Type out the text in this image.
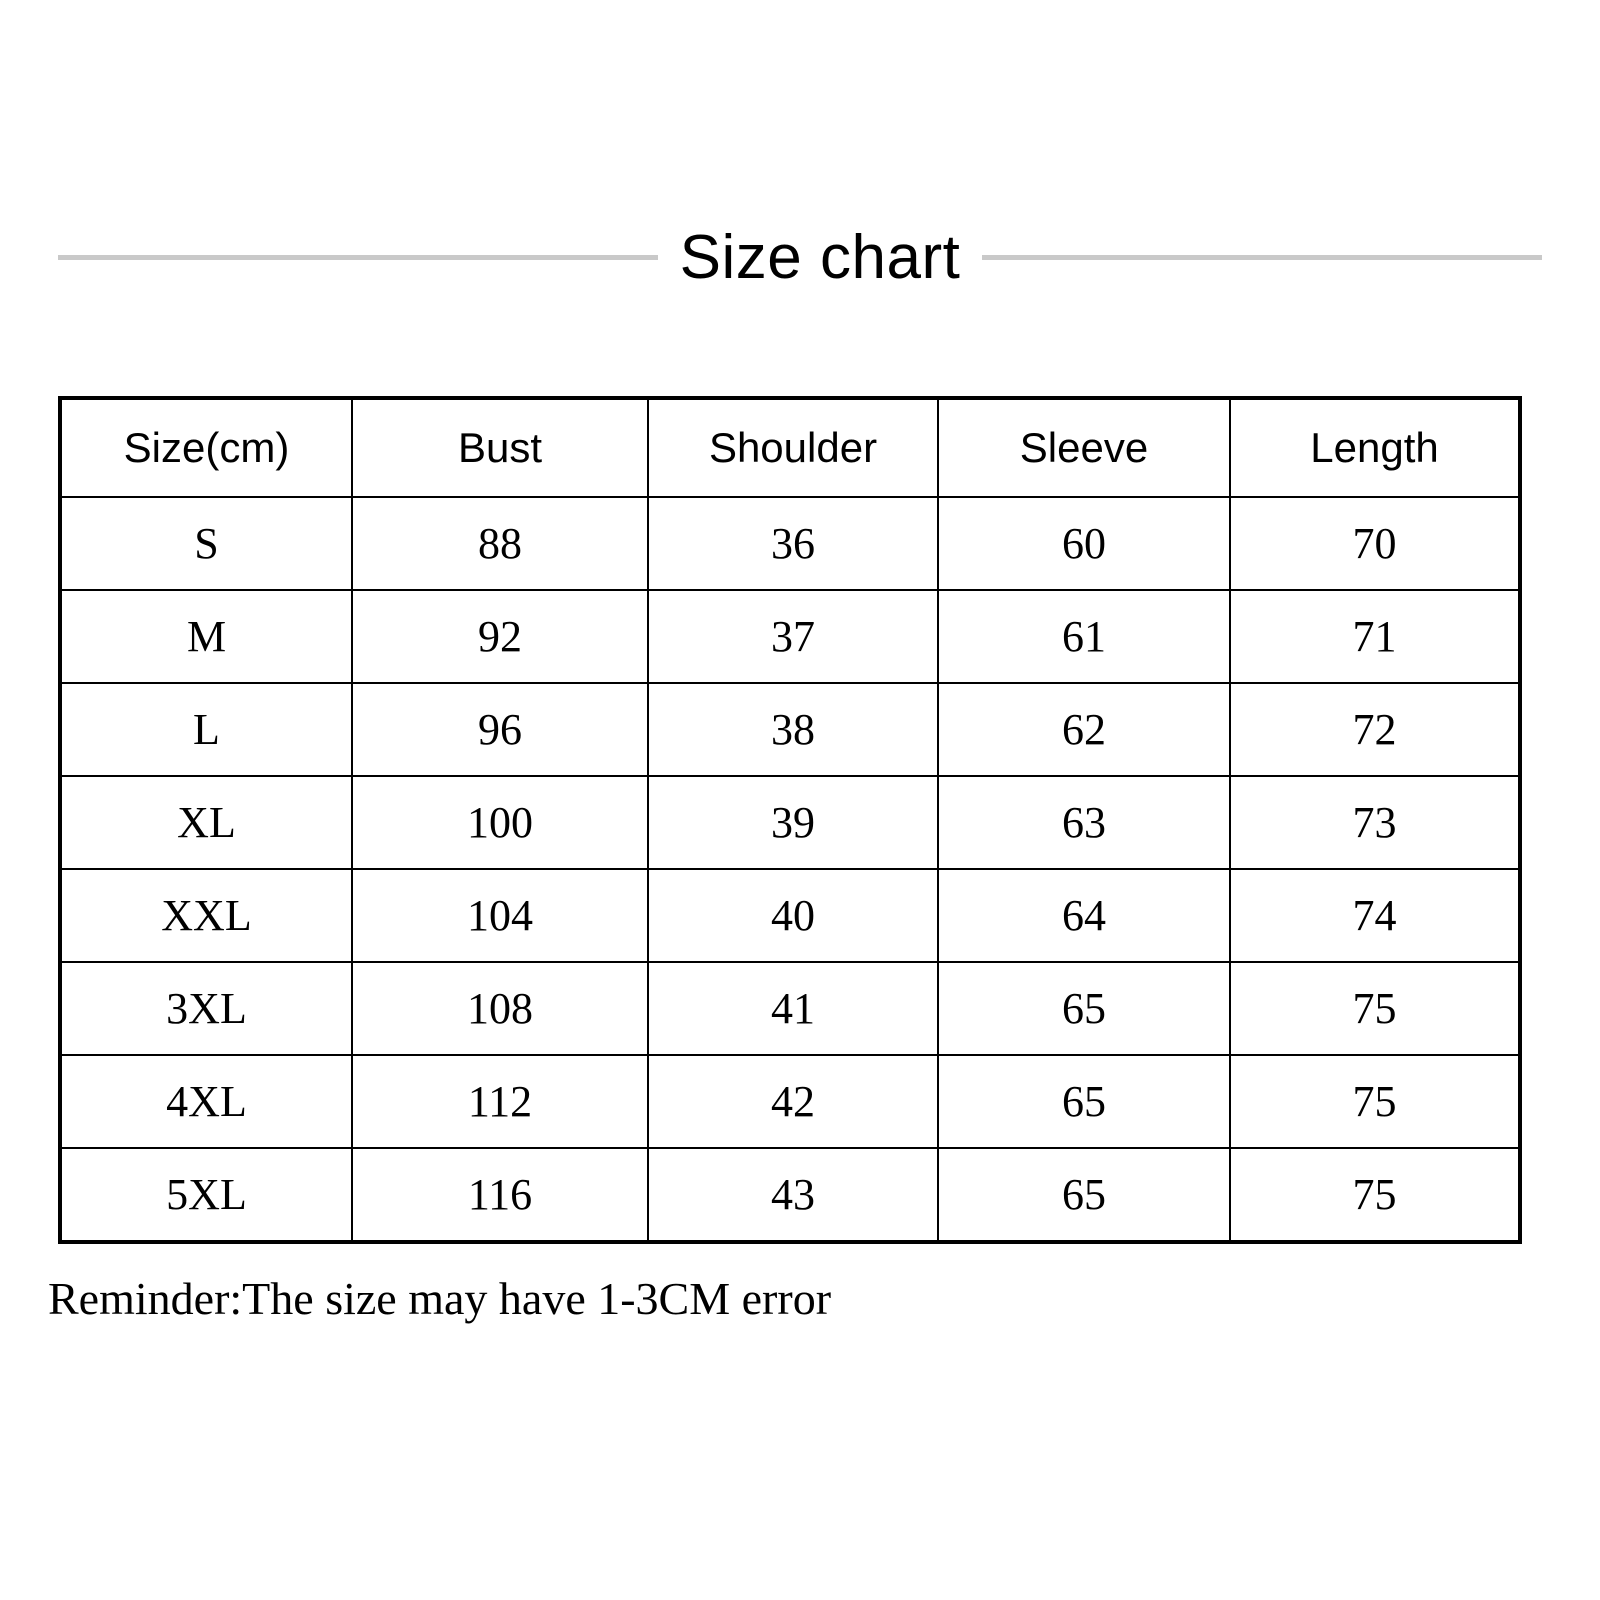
Size chart
Size(cm)	Bust	Shoulder	Sleeve	Length
S	88	36	60	70
M	92	37	61	71
L	96	38	62	72
XL	100	39	63	73
XXL	104	40	64	74
3XL	108	41	65	75
4XL	112	42	65	75
5XL	116	43	65	75
Reminder:The size may have 1-3CM error
